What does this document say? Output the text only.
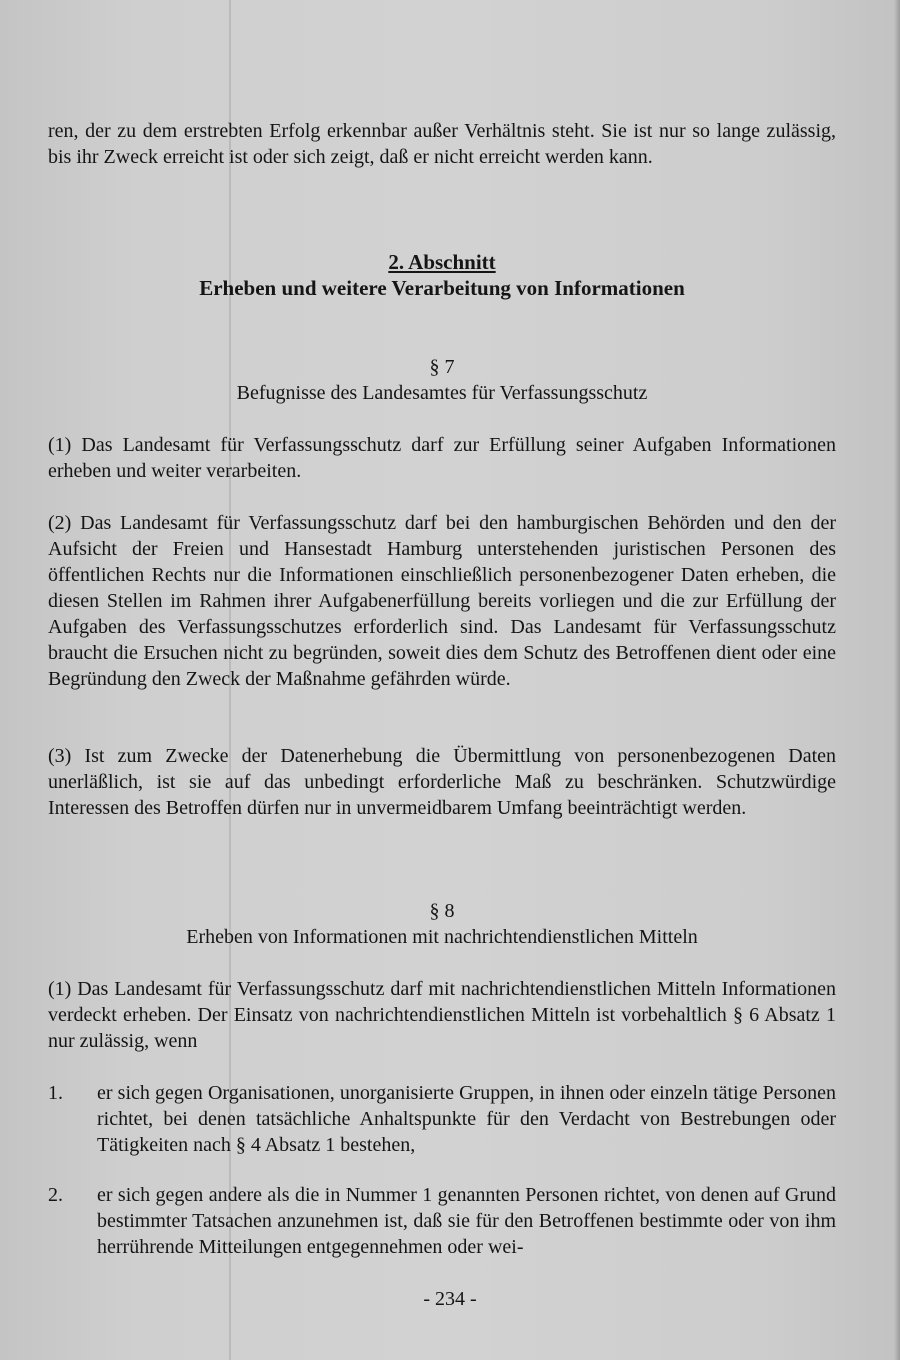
ren, der zu dem erstrebten Erfolg erkennbar außer Verhältnis steht. Sie ist nur so lange zulässig, bis ihr Zweck erreicht ist oder sich zeigt, daß er nicht erreicht werden kann.

2. Abschnitt

Erheben und weitere Verarbeitung von Informationen

§ 7

Befugnisse des Landesamtes für Verfassungsschutz

(1) Das Landesamt für Verfassungsschutz darf zur Erfüllung seiner Aufgaben Informationen erheben und weiter verarbeiten.

(2) Das Landesamt für Verfassungsschutz darf bei den hamburgischen Behörden und den der Aufsicht der Freien und Hansestadt Hamburg unterstehenden juristischen Personen des öffentlichen Rechts nur die Informationen einschließlich personenbezogener Daten erheben, die diesen Stellen im Rahmen ihrer Aufgabenerfüllung bereits vorliegen und die zur Erfüllung der Aufgaben des Verfassungsschutzes erforderlich sind. Das Landesamt für Verfassungsschutz braucht die Ersuchen nicht zu begründen, soweit dies dem Schutz des Betroffenen dient oder eine Begründung den Zweck der Maßnahme gefährden würde.

(3) Ist zum Zwecke der Datenerhebung die Übermittlung von personenbezogenen Daten unerläßlich, ist sie auf das unbedingt erforderliche Maß zu beschränken. Schutzwürdige Interessen des Betroffen dürfen nur in unvermeidbarem Umfang beeinträchtigt werden.

§ 8

Erheben von Informationen mit nachrichtendienstlichen Mitteln

(1) Das Landesamt für Verfassungsschutz darf mit nachrichtendienstlichen Mitteln Informationen verdeckt erheben. Der Einsatz von nachrichtendienstlichen Mitteln ist vorbehaltlich § 6 Absatz 1 nur zulässig, wenn

1.	er sich gegen Organisationen, unorganisierte Gruppen, in ihnen oder einzeln tätige Personen richtet, bei denen tatsächliche Anhaltspunkte für den Verdacht von Bestrebungen oder Tätigkeiten nach § 4 Absatz 1 bestehen,

2.	er sich gegen andere als die in Nummer 1 genannten Personen richtet, von denen auf Grund bestimmter Tatsachen anzunehmen ist, daß sie für den Betroffenen bestimmte oder von ihm herrührende Mitteilungen entgegennehmen oder wei-

- 234 -
